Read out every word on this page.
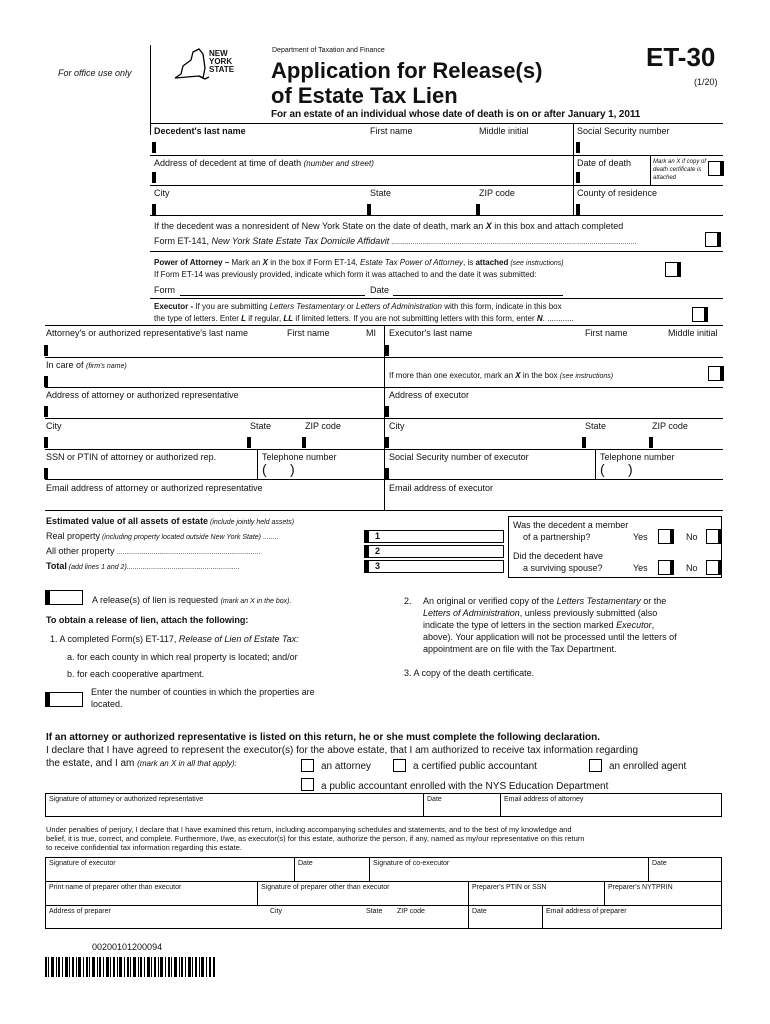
For office use only
NEW
YORK
STATE
Department of Taxation and Finance
Application for Release(s)
of Estate Tax Lien
ET-30
(1/20)
For an estate of an individual whose date of death is on or after January 1, 2011
Decedent's last name	First name	Middle initial	Social Security number
Address of decedent at time of death (number and street)	Date of death	Mark an X if copy of death certificate is attached
City	State	ZIP code	County of residence
If the decedent was a nonresident of New York State on the date of death, mark an X in this box and attach completed
Form ET-141, New York State Estate Tax Domicile Affidavit ..............................................................................................................................
Power of Attorney – Mark an X in the box if Form ET-14, Estate Tax Power of Attorney, is attached (see instructions)
If Form ET-14 was previously provided, indicate which form it was attached to and the date it was submitted:
Form	Date
Executor - If you are submitting Letters Testamentary or Letters of Administration with this form, indicate in this box
the type of letters. Enter L if regular, LL if limited letters. If you are not submitting letters with this form, enter N. ............
Attorney's or authorized representative's last name	First name	MI Executor's last name	First name	Middle initial
In care of (firm's name)
If more than one executor, mark an X in the box (see instructions)
Address of attorney or authorized representative	Address of executor
City	State	ZIP code	City	State	ZIP code
SSN or PTIN of attorney or authorized rep.	Telephone number
(      )
Social Security number of executor	Telephone number
(      )
Email address of attorney or authorized representative	Email address of executor
Estimated value of all assets of estate (include jointly held assets)
Real property (including property located outside New York State) ........
All other property ..........................................................................
Total (add lines 1 and 2)..........................................................
1
2
3
Was the decedent a member
of a partnership?	Yes	No
Did the decedent have
a surviving spouse?	Yes	No
A release(s) of lien is requested (mark an X in the box).
To obtain a release of lien, attach the following:
1. A completed Form(s) ET-117, Release of Lien of Estate Tax:
a. for each county in which real property is located; and/or
b. for each cooperative apartment.
Enter the number of counties in which the properties are
located.
2. An original or verified copy of the Letters Testamentary or the
Letters of Administration, unless previously submitted (also
indicate the type of letters in the section marked Executor,
above). Your application will not be processed until the letters of
appointment are on file with the Tax Department.
3. A copy of the death certificate.
If an attorney or authorized representative is listed on this return, he or she must complete the following declaration.
I declare that I have agreed to represent the executor(s) for the above estate, that I am authorized to receive tax information regarding
the estate, and I am (mark an X in all that apply):	an attorney	a certified public accountant	an enrolled agent
a public accountant enrolled with the NYS Education Department
Signature of attorney or authorized representative	Date	Email address of attorney
Under penalties of perjury, I declare that I have examined this return, including accompanying schedules and statements, and to the best of my knowledge and
belief, it is true, correct, and complete. Furthermore, I/we, as executor(s) for this estate, authorize the person, if any, named as my/our representative on this return
to receive confidential tax information regarding this estate.
Signature of executor	Date	Signature of co-executor	Date
Print name of preparer other than executor	Signature of preparer other than executor	Preparer's PTIN or SSN	Preparer's NYTPRIN
Address of preparer	City	State ZIP code	Date	Email address of preparer
00200101200094
